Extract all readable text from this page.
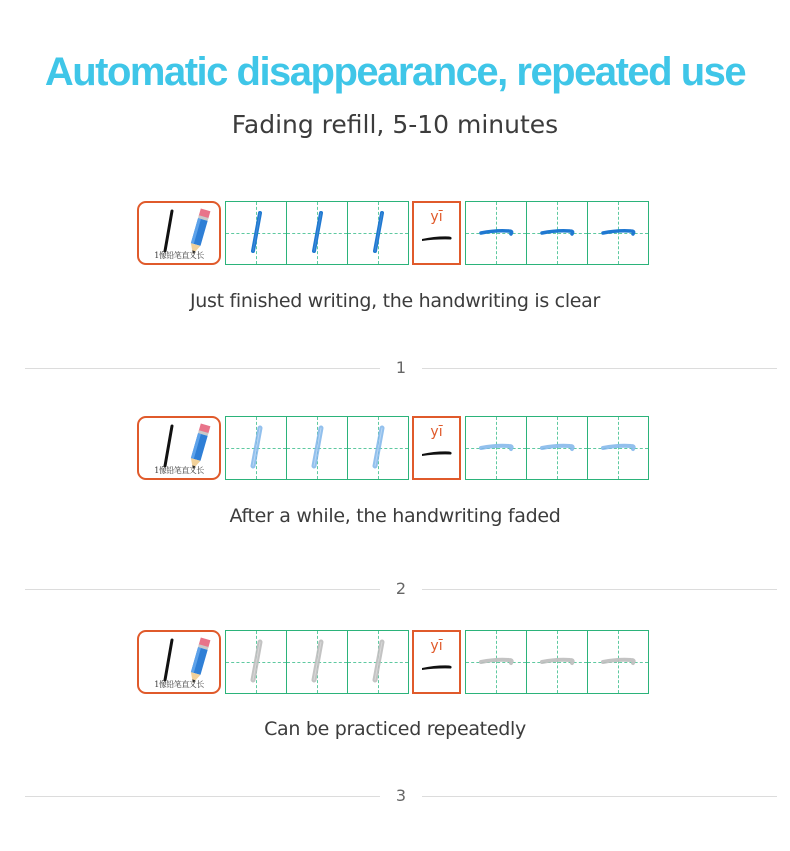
Automatic disappearance, repeated use
Fading refill, 5-10 minutes
1像铅笔直又长
yī
Just finished writing, the handwriting is clear
1
1像铅笔直又长
yī
After a while, the handwriting faded
2
1像铅笔直又长
yī
Can be practiced repeatedly
3
